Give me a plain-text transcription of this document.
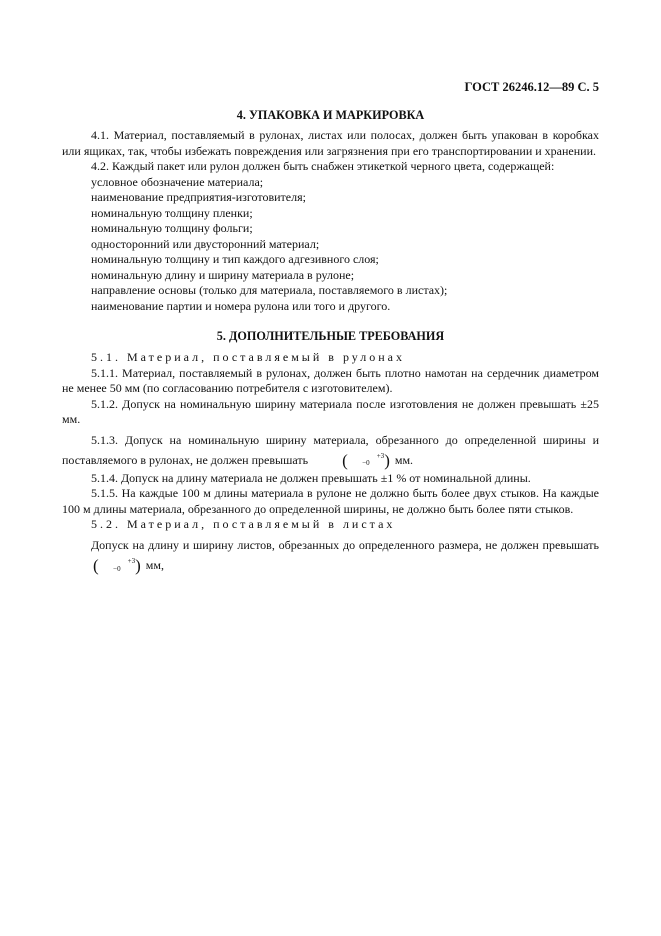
ГОСТ 26246.12—89 С. 5
4. УПАКОВКА И МАРКИРОВКА

4.1. Материал, поставляемый в рулонах, листах или полосах, должен быть упакован в коробках или ящиках, так, чтобы избежать повреждения или загрязнения при его транспортировании и хранении.

4.2. Каждый пакет или рулон должен быть снабжен этикеткой черного цвета, содержащей:

условное обозначение материала;
наименование предприятия-изготовителя;
номинальную толщину пленки;
номинальную толщину фольги;
односторонний или двусторонний материал;
номинальную толщину и тип каждого адгезивного слоя;
номинальную длину и ширину материала в рулоне;
направление основы (только для материала, поставляемого в листах);
наименование партии и номера рулона или того и другого.
5. ДОПОЛНИТЕЛЬНЫЕ ТРЕБОВАНИЯ

5.1. Материал, поставляемый в рулонах

5.1.1. Материал, поставляемый в рулонах, должен быть плотно намотан на сердечник диаметром не менее 50 мм (по согласованию потребителя с изготовителем).

5.1.2. Допуск на номинальную ширину материала после изготовления не должен превышать ±25 мм.

5.1.3. Допуск на номинальную ширину материала, обрезанного до определенной ширины и поставляемого в рулонах, не должен превышать (	+3
−0 ) мм.

5.1.4. Допуск на длину материала не должен превышать ±1 % от номинальной длины.

5.1.5. На каждые 100 м длины материала в рулоне не должно быть более двух стыков. На каждые 100 м длины материала, обрезанного до определенной ширины, не должно быть более пяти стыков.

5.2. Материал, поставляемый в листах

Допуск на длину и ширину листов, обрезанных до определенного размера, не должен превышать (	+3
−0 ) мм,
